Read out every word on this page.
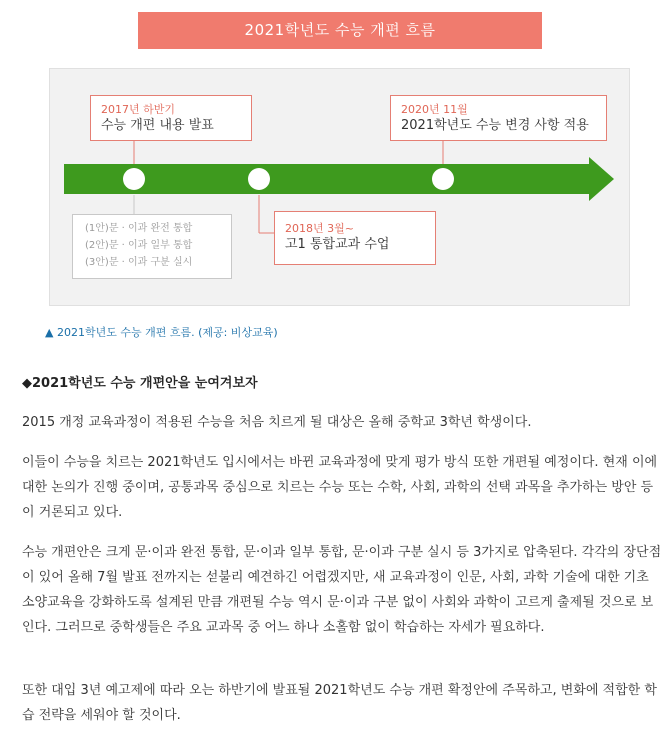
2021학년도 수능 개편 흐름
2017년 하반기
수능 개편 내용 발표
2020년 11월
2021학년도 수능 변경 사항 적용
2018년 3월~
고1 통합교과 수업
(1안)문 · 이과 완전 통합
(2안)문 · 이과 일부 통합
(3안)문 · 이과 구분 실시
▲ 2021학년도 수능 개편 흐름. (제공: 비상교육)
◆2021학년도 수능 개편안을 눈여겨보자

2015 개정 교육과정이 적용된 수능을 처음 치르게 될 대상은 올해 중학교 3학년 학생이다.

이들이 수능을 치르는 2021학년도 입시에서는 바뀐 교육과정에 맞게 평가 방식 또한 개편될 예정이다. 현재 이에 대한 논의가 진행 중이며, 공통과목 중심으로 치르는 수능 또는 수학, 사회, 과학의 선택 과목을 추가하는 방안 등이 거론되고 있다.

수능 개편안은 크게 문·이과 완전 통합, 문·이과 일부 통합, 문·이과 구분 실시 등 3가지로 압축된다. 각각의 장단점이 있어 올해 7월 발표 전까지는 섣불리 예견하긴 어렵겠지만, 새 교육과정이 인문, 사회, 과학 기술에 대한 기초 소양교육을 강화하도록 설계된 만큼 개편될 수능 역시 문·이과 구분 없이 사회와 과학이 고르게 출제될 것으로 보인다. 그러므로 중학생들은 주요 교과목 중 어느 하나 소홀함 없이 학습하는 자세가 필요하다.

또한 대입 3년 예고제에 따라 오는 하반기에 발표될 2021학년도 수능 개편 확정안에 주목하고, 변화에 적합한 학습 전략을 세워야 할 것이다.
